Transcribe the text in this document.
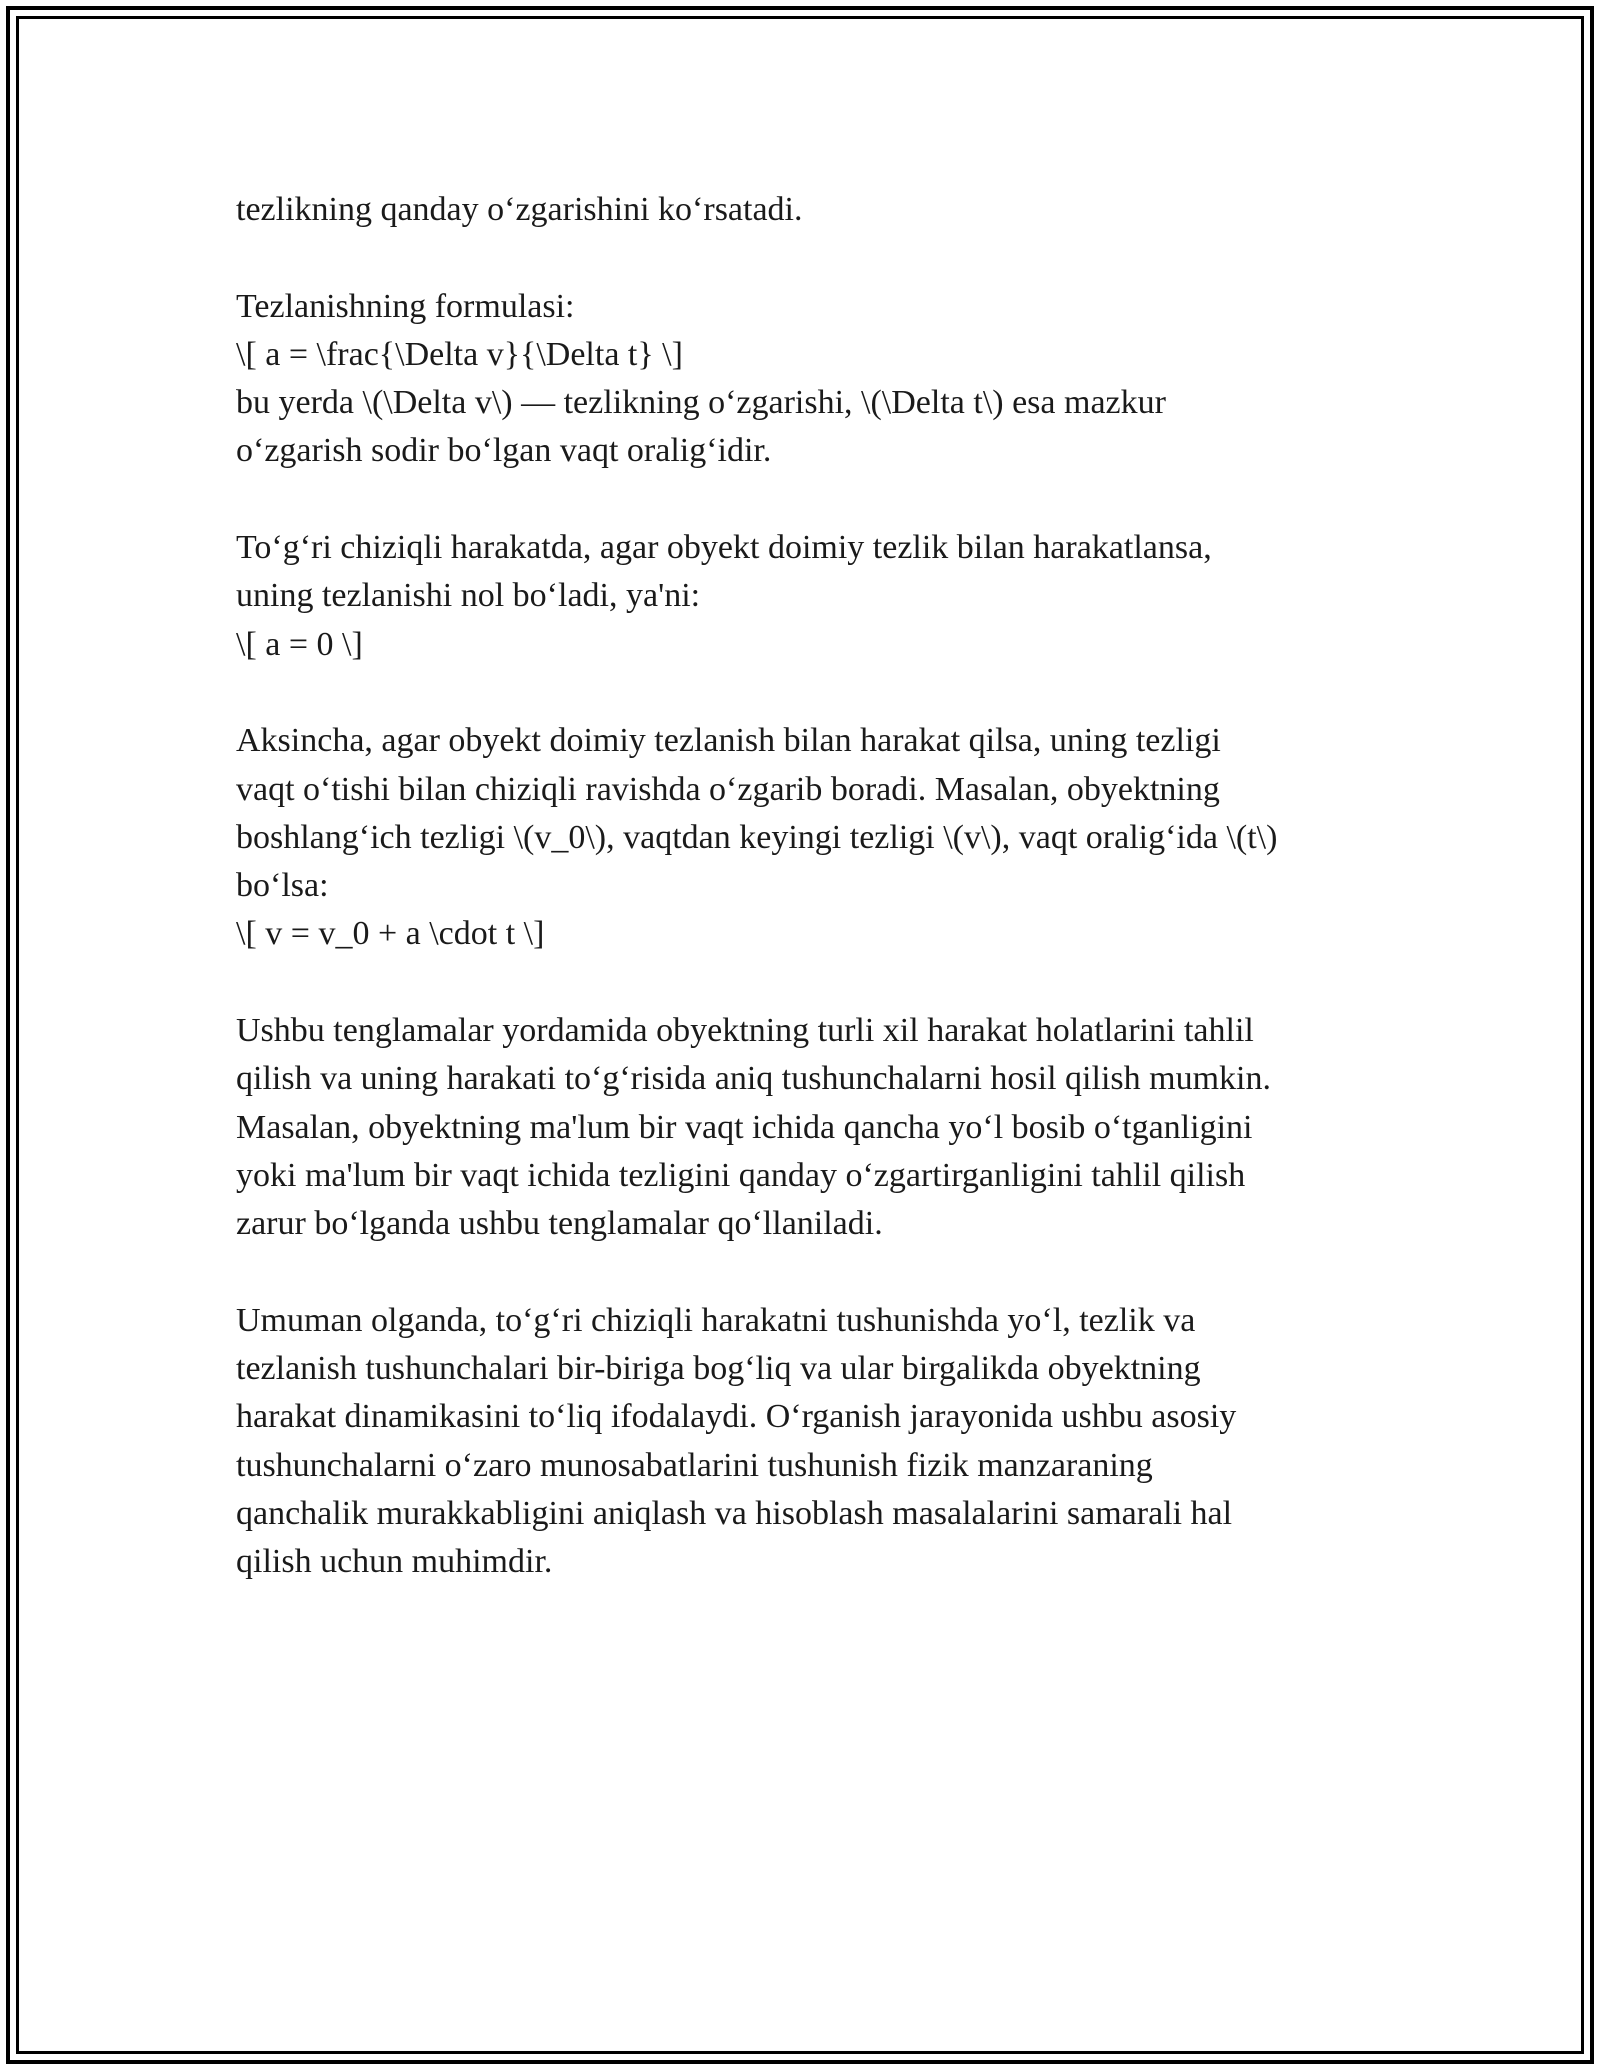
tezlikning qanday o‘zgarishini ko‘rsatadi.
Tezlanishning formulasi:
\[ a = \frac{\Delta v}{\Delta t} \]
bu yerda \(\Delta v\) — tezlikning o‘zgarishi, \(\Delta t\) esa mazkur
o‘zgarish sodir bo‘lgan vaqt oralig‘idir.
To‘g‘ri chiziqli harakatda, agar obyekt doimiy tezlik bilan harakatlansa,
uning tezlanishi nol bo‘ladi, ya'ni:
\[ a = 0 \]
Aksincha, agar obyekt doimiy tezlanish bilan harakat qilsa, uning tezligi
vaqt o‘tishi bilan chiziqli ravishda o‘zgarib boradi. Masalan, obyektning
boshlang‘ich tezligi \(v_0\), vaqtdan keyingi tezligi \(v\), vaqt oralig‘ida \(t\)
bo‘lsa:
\[ v = v_0 + a \cdot t \]
Ushbu tenglamalar yordamida obyektning turli xil harakat holatlarini tahlil
qilish va uning harakati to‘g‘risida aniq tushunchalarni hosil qilish mumkin.
Masalan, obyektning ma'lum bir vaqt ichida qancha yo‘l bosib o‘tganligini
yoki ma'lum bir vaqt ichida tezligini qanday o‘zgartirganligini tahlil qilish
zarur bo‘lganda ushbu tenglamalar qo‘llaniladi.
Umuman olganda, to‘g‘ri chiziqli harakatni tushunishda yo‘l, tezlik va
tezlanish tushunchalari bir-biriga bog‘liq va ular birgalikda obyektning
harakat dinamikasini to‘liq ifodalaydi. O‘rganish jarayonida ushbu asosiy
tushunchalarni o‘zaro munosabatlarini tushunish fizik manzaraning
qanchalik murakkabligini aniqlash va hisoblash masalalarini samarali hal
qilish uchun muhimdir.
